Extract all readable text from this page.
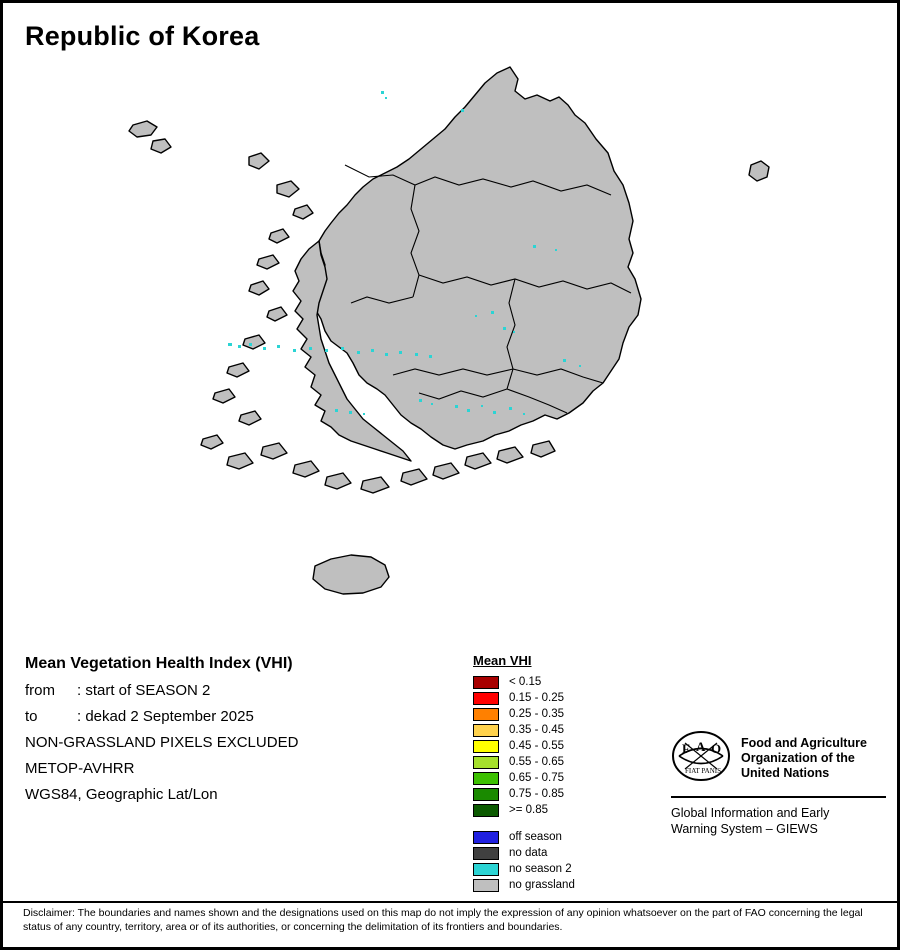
Republic of Korea
Mean Vegetation Health Index (VHI)
from : start of SEASON 2
to	: dekad 2 September 2025
NON-GRASSLAND PIXELS EXCLUDED
METOP-AVHRR
WGS84, Geographic Lat/Lon
Mean VHI
< 0.15
0.15 - 0.25
0.25 - 0.35
0.35 - 0.45
0.45 - 0.55
0.55 - 0.65
0.65 - 0.75
0.75 - 0.85
>= 0.85
off season
no data
no season 2
no grassland
F A O
FIAT PANIS
Food and Agriculture
Organization of the
United Nations
Global Information and Early
Warning System – GIEWS
Disclaimer: The boundaries and names shown and the designations used on this map do not imply the expression of any opinion whatsoever on the part of FAO concerning the legal status of any country, territory, area or of its authorities, or concerning the delimitation of its frontiers and boundaries.
